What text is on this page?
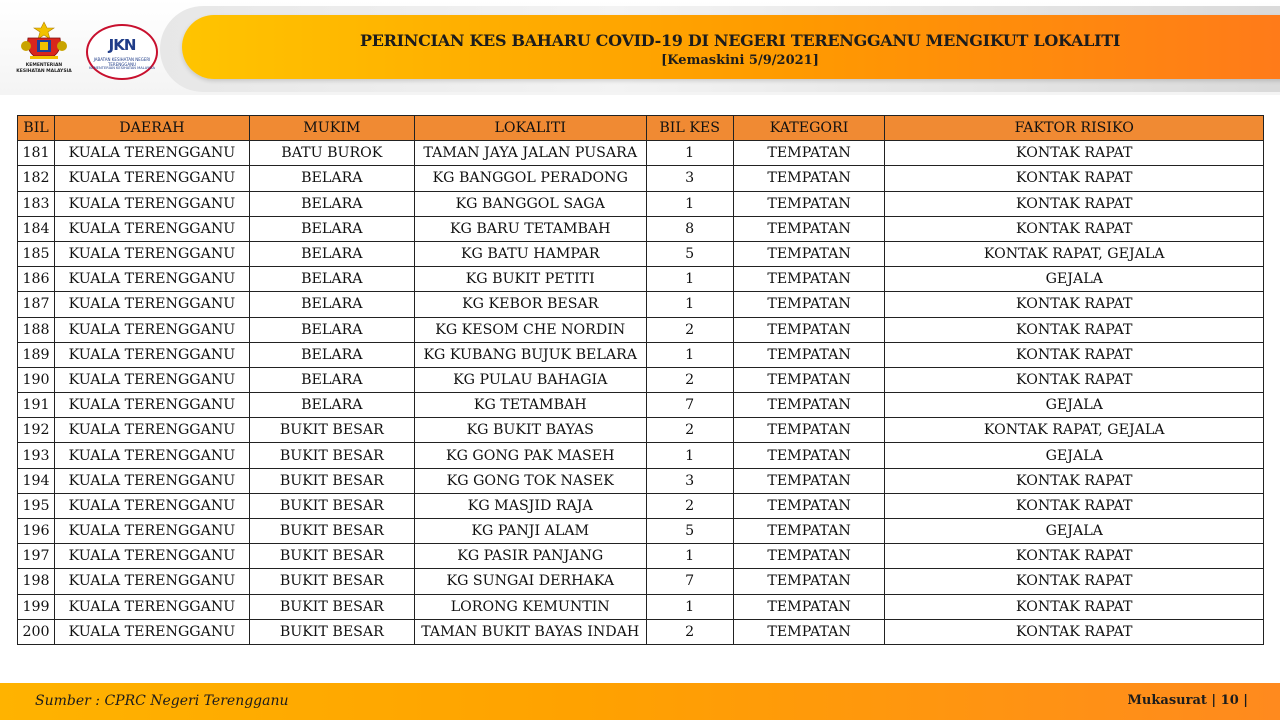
KEMENTERIAN KESIHATAN MALAYSIA
JKN
JABATAN KESIHATAN NEGERI TERENGGANU
KEMENTERIAN KESIHATAN MALAYSIA
PERINCIAN KES BAHARU COVID-19 DI NEGERI TERENGGANU MENGIKUT LOKALITI
[Kemaskini 5/9/2021]
BIL	DAERAH	MUKIM	LOKALITI	BIL KES	KATEGORI	FAKTOR RISIKO
181	KUALA TERENGGANU	BATU BUROK	TAMAN JAYA JALAN PUSARA	1	TEMPATAN	KONTAK RAPAT
182	KUALA TERENGGANU	BELARA	KG BANGGOL PERADONG	3	TEMPATAN	KONTAK RAPAT
183	KUALA TERENGGANU	BELARA	KG BANGGOL SAGA	1	TEMPATAN	KONTAK RAPAT
184	KUALA TERENGGANU	BELARA	KG BARU TETAMBAH	8	TEMPATAN	KONTAK RAPAT
185	KUALA TERENGGANU	BELARA	KG BATU HAMPAR	5	TEMPATAN	KONTAK RAPAT, GEJALA
186	KUALA TERENGGANU	BELARA	KG BUKIT PETITI	1	TEMPATAN	GEJALA
187	KUALA TERENGGANU	BELARA	KG KEBOR BESAR	1	TEMPATAN	KONTAK RAPAT
188	KUALA TERENGGANU	BELARA	KG KESOM CHE NORDIN	2	TEMPATAN	KONTAK RAPAT
189	KUALA TERENGGANU	BELARA	KG KUBANG BUJUK BELARA	1	TEMPATAN	KONTAK RAPAT
190	KUALA TERENGGANU	BELARA	KG PULAU BAHAGIA	2	TEMPATAN	KONTAK RAPAT
191	KUALA TERENGGANU	BELARA	KG TETAMBAH	7	TEMPATAN	GEJALA
192	KUALA TERENGGANU	BUKIT BESAR	KG BUKIT BAYAS	2	TEMPATAN	KONTAK RAPAT, GEJALA
193	KUALA TERENGGANU	BUKIT BESAR	KG GONG PAK MASEH	1	TEMPATAN	GEJALA
194	KUALA TERENGGANU	BUKIT BESAR	KG GONG TOK NASEK	3	TEMPATAN	KONTAK RAPAT
195	KUALA TERENGGANU	BUKIT BESAR	KG MASJID RAJA	2	TEMPATAN	KONTAK RAPAT
196	KUALA TERENGGANU	BUKIT BESAR	KG PANJI ALAM	5	TEMPATAN	GEJALA
197	KUALA TERENGGANU	BUKIT BESAR	KG PASIR PANJANG	1	TEMPATAN	KONTAK RAPAT
198	KUALA TERENGGANU	BUKIT BESAR	KG SUNGAI DERHAKA	7	TEMPATAN	KONTAK RAPAT
199	KUALA TERENGGANU	BUKIT BESAR	LORONG KEMUNTIN	1	TEMPATAN	KONTAK RAPAT
200	KUALA TERENGGANU	BUKIT BESAR	TAMAN BUKIT BAYAS INDAH	2	TEMPATAN	KONTAK RAPAT
Sumber : CPRC Negeri Terengganu	Mukasurat | 10 |
